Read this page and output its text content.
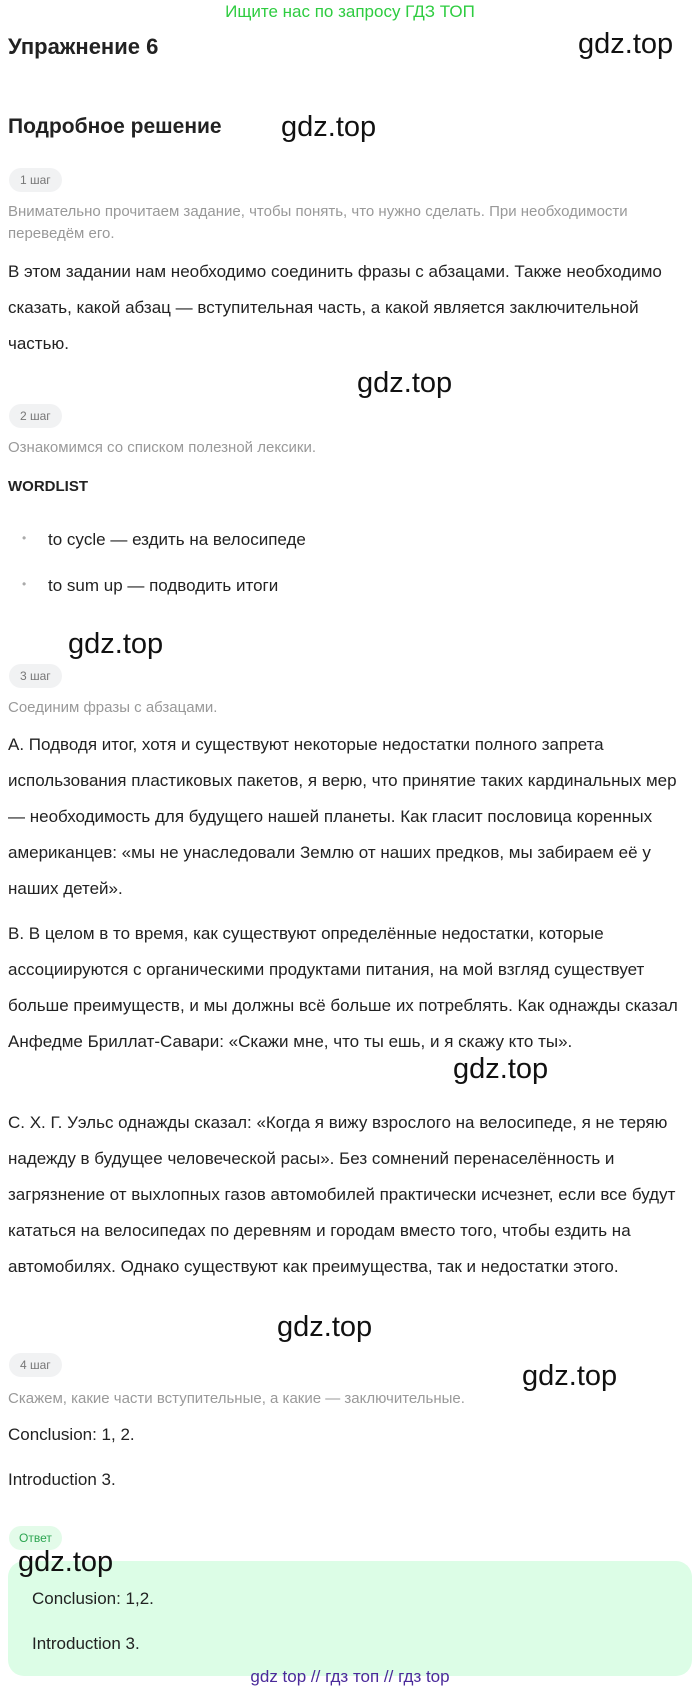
Ищите нас по запросу ГДЗ ТОП
Упражнение 6	gdz.top
Подробное решение gdz.top
1 шаг
Внимательно прочитаем задание, чтобы понять, что нужно сделать. При необходимости переведём его.
В этом задании нам необходимо соединить фразы с абзацами. Также необходимо сказать, какой абзац — вступительная часть, а какой является заключительной частью.
gdz.top
2 шаг
Ознакомимся со списком полезной лексики.
WORDLIST
• to cycle — ездить на велосипеде
• to sum up — подводить итоги
gdz.top
3 шаг
Соединим фразы с абзацами.
A. Подводя итог, хотя и существуют некоторые недостатки полного запрета использования пластиковых пакетов, я верю, что принятие таких кардинальных мер — необходимость для будущего нашей планеты. Как гласит пословица коренных американцев: «мы не унаследовали Землю от наших предков, мы забираем её у наших детей».
B. В целом в то время, как существуют определённые недостатки, которые ассоциируются с органическими продуктами питания, на мой взгляд существует больше преимуществ, и мы должны всё больше их потреблять. Как однажды сказал Анфедме Бриллат-Савари: «Скажи мне, что ты ешь, и я скажу кто ты».
gdz.top
C. Х. Г. Уэльс однажды сказал: «Когда я вижу взрослого на велосипеде, я не теряю надежду в будущее человеческой расы». Без сомнений перенаселённость и загрязнение от выхлопных газов автомобилей практически исчезнет, если все будут кататься на велосипедах по деревням и городам вместо того, чтобы ездить на автомобилях. Однако существуют как преимущества, так и недостатки этого.
gdz.top
4 шаг	gdz.top
Скажем, какие части вступительные, а какие — заключительные.
Conclusion: 1, 2.
Introduction 3.
Ответ
gdz.top
Conclusion: 1,2.
Introduction 3.
gdz top // гдз топ // гдз top
